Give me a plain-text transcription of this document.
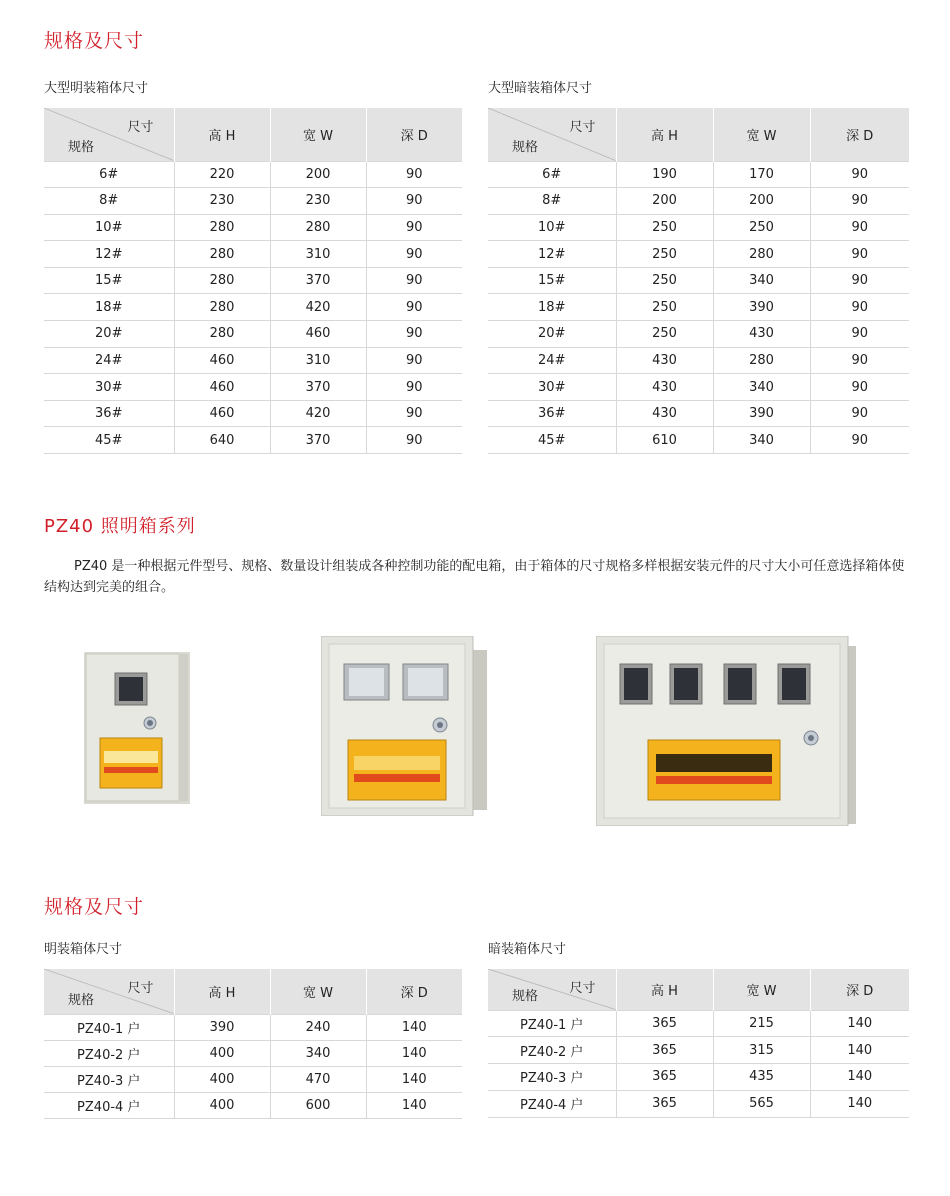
规格及尺寸
大型明装箱体尺寸
尺寸
规格	高 H	宽 W	深 D
6#	220	200	90
8#	230	230	90
10#	280	280	90
12#	280	310	90
15#	280	370	90
18#	280	420	90
20#	280	460	90
24#	460	310	90
30#	460	370	90
36#	460	420	90
45#	640	370	90
大型暗装箱体尺寸
尺寸
规格	高 H	宽 W	深 D
6#	190	170	90
8#	200	200	90
10#	250	250	90
12#	250	280	90
15#	250	340	90
18#	250	390	90
20#	250	430	90
24#	430	280	90
30#	430	340	90
36#	430	390	90
45#	610	340	90
PZ40 照明箱系列
PZ40 是一种根据元件型号、规格、数量设计组装成各种控制功能的配电箱，由于箱体的尺寸规格多样根据安装元件的尺寸大小可任意选择箱体使结构达到完美的组合。
规格及尺寸
明装箱体尺寸
尺寸
规格	高 H	宽 W	深 D
PZ40-1 户	390	240	140
PZ40-2 户	400	340	140
PZ40-3 户	400	470	140
PZ40-4 户	400	600	140
暗装箱体尺寸
尺寸
规格	高 H	宽 W	深 D
PZ40-1 户	365	215	140
PZ40-2 户	365	315	140
PZ40-3 户	365	435	140
PZ40-4 户	365	565	140
